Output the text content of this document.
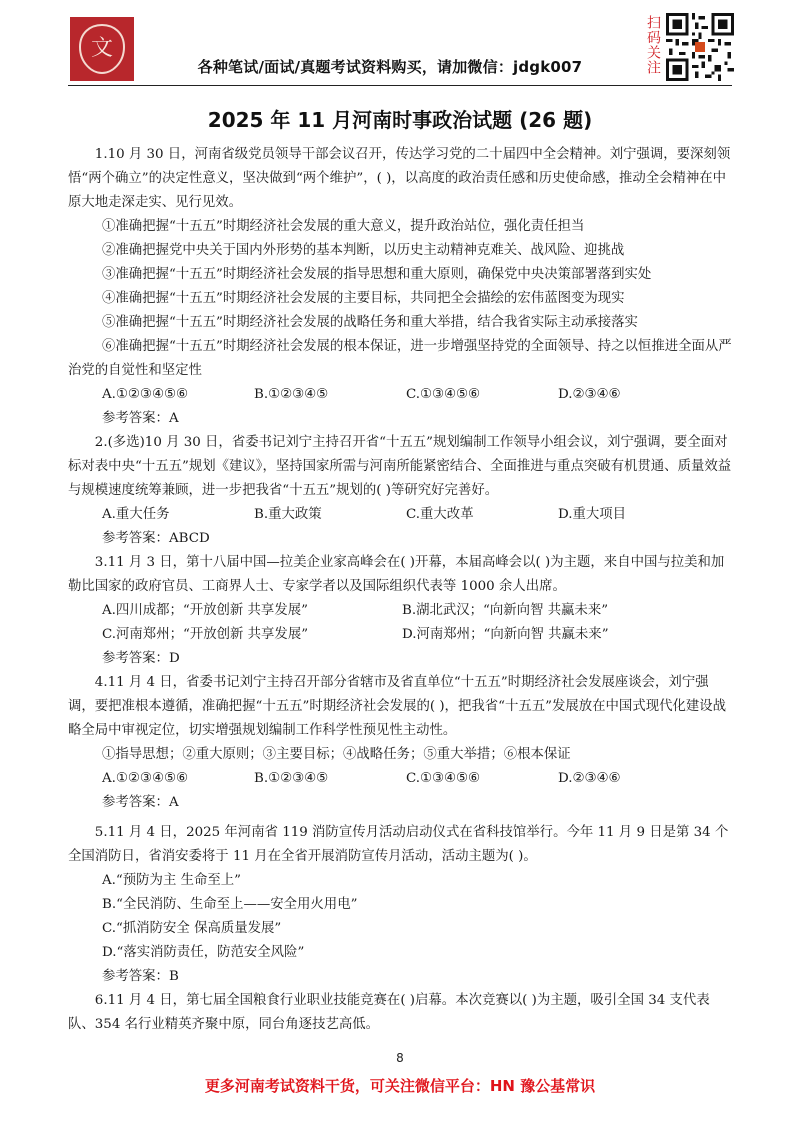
文
各种笔试/面试/真题考试资料购买，请加微信：jdgk007	扫码关注
2025 年 11 月河南时事政治试题 (26 题)

1.10 月 30 日，河南省级党员领导干部会议召开，传达学习党的二十届四中全会精神。刘宁强调，要深刻领悟“两个确立”的决定性意义，坚决做到“两个维护”，( )，以高度的政治责任感和历史使命感，推动全会精神在中原大地走深走实、见行见效。

①准确把握“十五五”时期经济社会发展的重大意义，提升政治站位，强化责任担当

②准确把握党中央关于国内外形势的基本判断，以历史主动精神克难关、战风险、迎挑战

③准确把握“十五五”时期经济社会发展的指导思想和重大原则，确保党中央决策部署落到实处

④准确把握“十五五”时期经济社会发展的主要目标，共同把全会描绘的宏伟蓝图变为现实

⑤准确把握“十五五”时期经济社会发展的战略任务和重大举措，结合我省实际主动承接落实

⑥准确把握“十五五”时期经济社会发展的根本保证，进一步增强坚持党的全面领导、持之以恒推进全面从严治党的自觉性和坚定性

A.①②③④⑤⑥	B.①②③④⑤	C.①③④⑤⑥	D.②③④⑥

参考答案：A

2.(多选)10 月 30 日，省委书记刘宁主持召开省“十五五”规划编制工作领导小组会议，刘宁强调，要全面对标对表中央“十五五”规划《建议》，坚持国家所需与河南所能紧密结合、全面推进与重点突破有机贯通、质量效益与规模速度统筹兼顾，进一步把我省“十五五”规划的( )等研究好完善好。

A.重大任务	B.重大政策	C.重大改革	D.重大项目

参考答案：ABCD

3.11 月 3 日，第十八届中国—拉美企业家高峰会在( )开幕，本届高峰会以( )为主题，来自中国与拉美和加勒比国家的政府官员、工商界人士、专家学者以及国际组织代表等 1000 余人出席。

A.四川成都；“开放创新 共享发展”	B.湖北武汉；“向新向智 共赢未来”
C.河南郑州；“开放创新 共享发展”	D.河南郑州；“向新向智 共赢未来”

参考答案：D

4.11 月 4 日，省委书记刘宁主持召开部分省辖市及省直单位“十五五”时期经济社会发展座谈会，刘宁强调，要把准根本遵循，准确把握“十五五”时期经济社会发展的( )，把我省“十五五”发展放在中国式现代化建设战略全局中审视定位，切实增强规划编制工作科学性预见性主动性。

①指导思想；②重大原则；③主要目标；④战略任务；⑤重大举措；⑥根本保证

A.①②③④⑤⑥	B.①②③④⑤	C.①③④⑤⑥	D.②③④⑥

参考答案：A

5.11 月 4 日，2025 年河南省 119 消防宣传月活动启动仪式在省科技馆举行。今年 11 月 9 日是第 34 个全国消防日，省消安委将于 11 月在全省开展消防宣传月活动，活动主题为( )。

A.“预防为主 生命至上”

B.“全民消防、生命至上——安全用火用电”

C.“抓消防安全 保高质量发展”

D.“落实消防责任，防范安全风险”

参考答案：B

6.11 月 4 日，第七届全国粮食行业职业技能竞赛在( )启幕。本次竞赛以( )为主题，吸引全国 34 支代表队、354 名行业精英齐聚中原，同台角逐技艺高低。

8
更多河南考试资料干货，可关注微信平台：HN 豫公基常识
